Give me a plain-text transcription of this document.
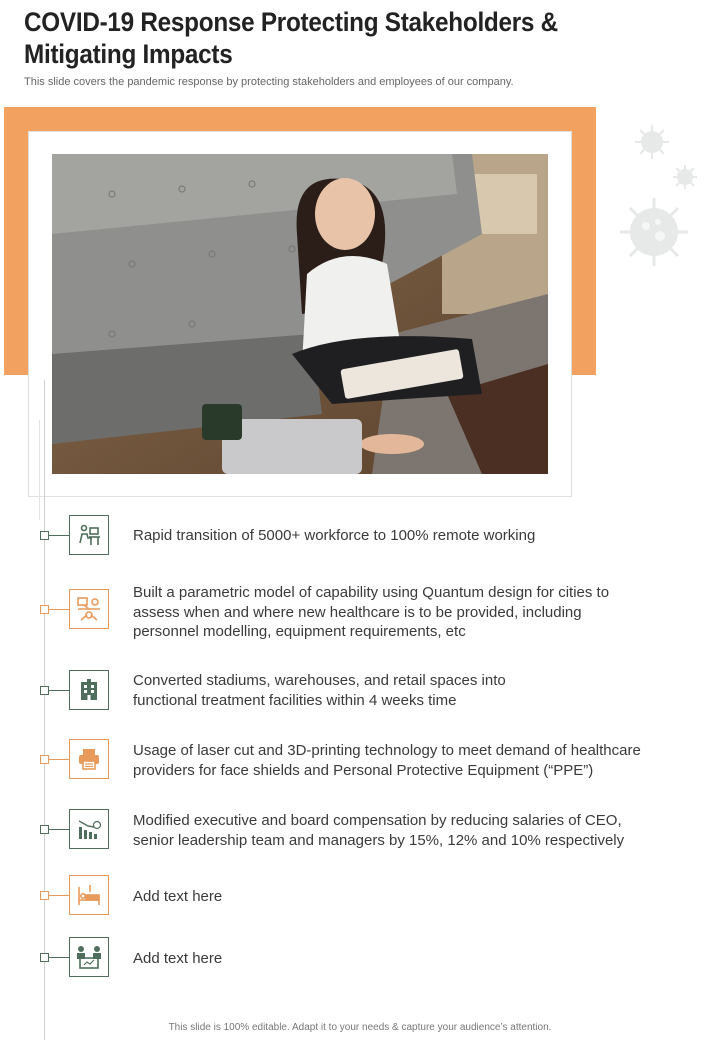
COVID-19 Response Protecting Stakeholders & Mitigating Impacts
This slide covers the pandemic response by protecting stakeholders and employees of our company.
Rapid transition of 5000+ workforce to 100% remote working
Built a parametric model of capability using Quantum design for cities to
assess when and where new healthcare is to be provided, including
personnel modelling, equipment requirements, etc
Converted stadiums, warehouses, and retail spaces into
functional treatment facilities within 4 weeks time
Usage of laser cut and 3D-printing technology to meet demand of healthcare
providers for face shields and Personal Protective Equipment (“PPE”)
Modified executive and board compensation by reducing salaries of CEO,
senior leadership team and managers by 15%, 12% and 10% respectively
Add text here
Add text here
This slide is 100% editable. Adapt it to your needs & capture your audience’s attention.
